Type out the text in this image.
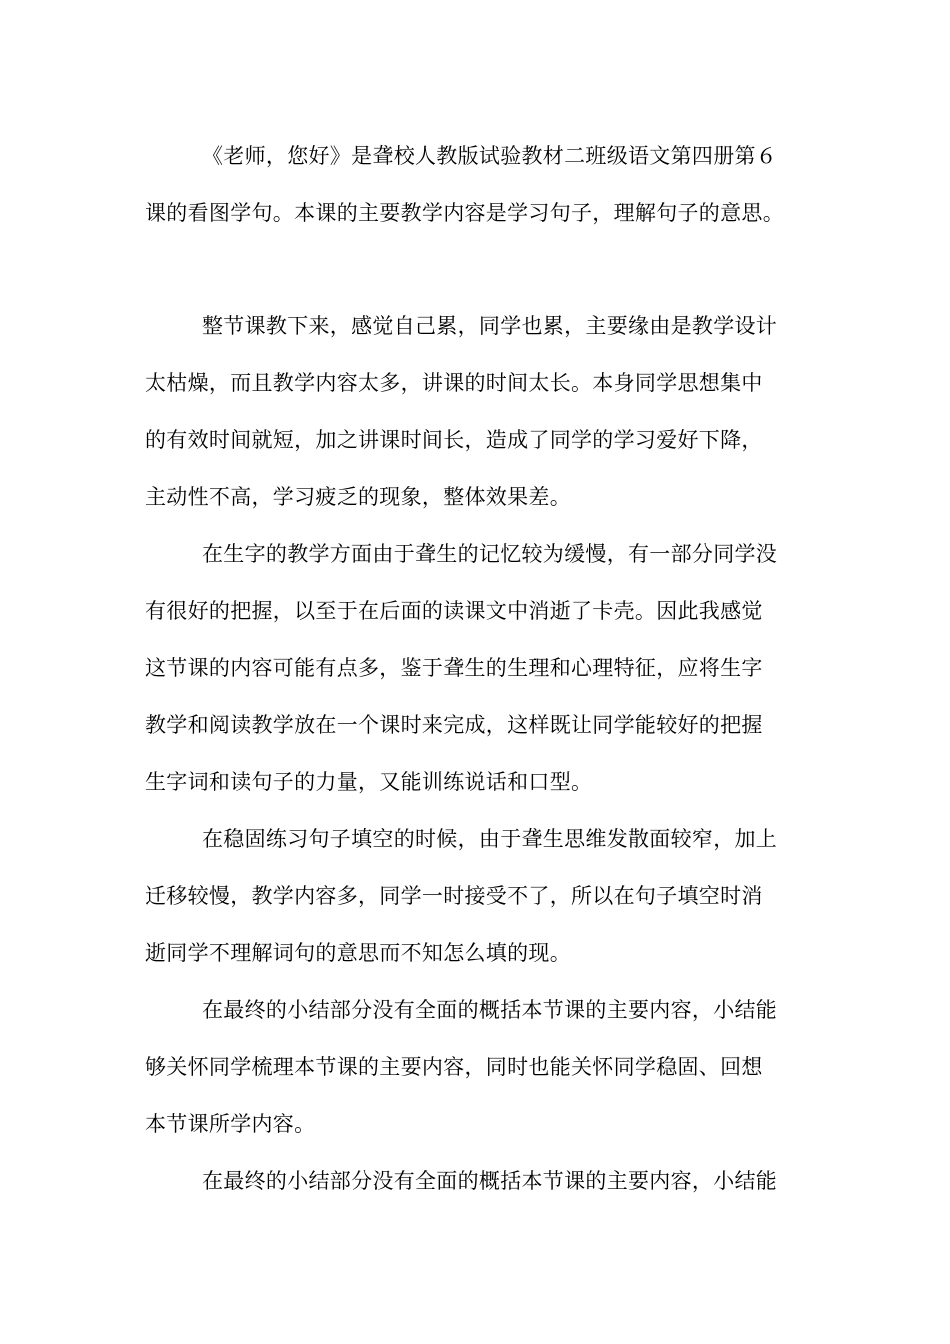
《老师，您好》是聋校人教版试验教材二班级语文第四册第６
课的看图学句。本课的主要教学内容是学习句子，理解句子的意思。
整节课教下来，感觉自己累，同学也累，主要缘由是教学设计
太枯燥，而且教学内容太多，讲课的时间太长。本身同学思想集中
的有效时间就短，加之讲课时间长，造成了同学的学习爱好下降，
主动性不高，学习疲乏的现象，整体效果差。
在生字的教学方面由于聋生的记忆较为缓慢，有一部分同学没
有很好的把握，以至于在后面的读课文中消逝了卡壳。因此我感觉
这节课的内容可能有点多，鉴于聋生的生理和心理特征，应将生字
教学和阅读教学放在一个课时来完成，这样既让同学能较好的把握
生字词和读句子的力量，又能训练说话和口型。
在稳固练习句子填空的时候，由于聋生思维发散面较窄，加上
迁移较慢，教学内容多，同学一时接受不了，所以在句子填空时消
逝同学不理解词句的意思而不知怎么填的现。
在最终的小结部分没有全面的概括本节课的主要内容，小结能
够关怀同学梳理本节课的主要内容，同时也能关怀同学稳固、回想
本节课所学内容。
在最终的小结部分没有全面的概括本节课的主要内容，小结能
